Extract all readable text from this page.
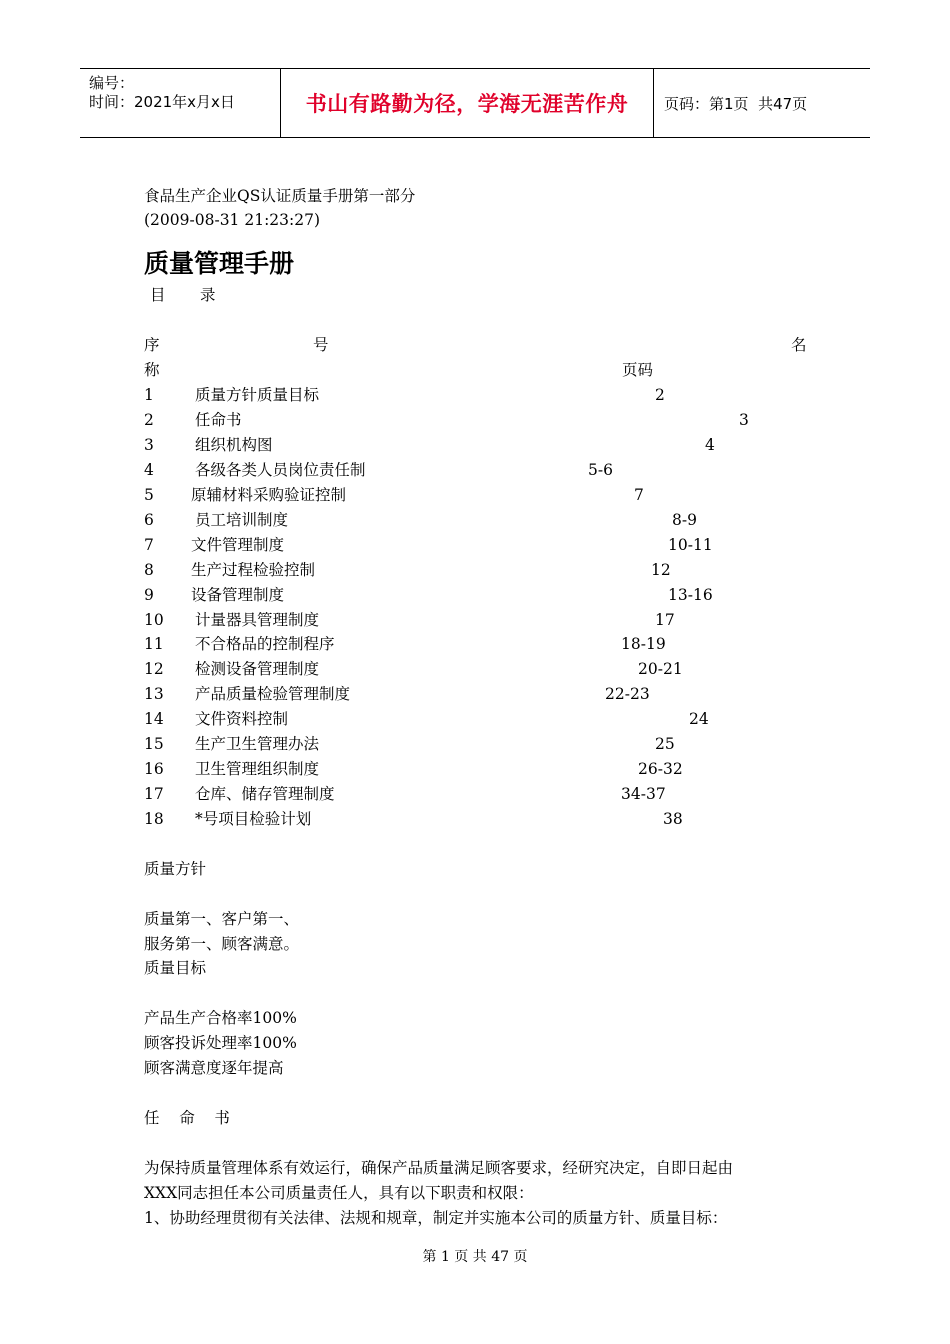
编号：
时间：2021年x月x日	书山有路勤为径，学海无涯苦作舟	页码：第1页  共47页
食品生产企业QS认证质量手册第一部分
(2009-08-31 21:23:27)
质量管理手册
目       录
序	号	名
称	页码
1	质量方针质量目标	2
2	任命书	3
3	组织机构图	4
4	各级各类人员岗位责任制	5-6
5 原辅材料采购验证控制	7
6	员工培训制度	8-9
7 文件管理制度	10-11
8 生产过程检验控制	12
9 设备管理制度	13-16
10 计量器具管理制度	17
11 不合格品的控制程序	18-19
12 检测设备管理制度	20-21
13 产品质量检验管理制度	22-23
14 文件资料控制	24
15 生产卫生管理办法	25
16 卫生管理组织制度	26-32
17 仓库、储存管理制度	34-37
18 *号项目检验计划	38
质量方针
质量第一、客户第一、
服务第一、顾客满意。
质量目标
产品生产合格率100%
顾客投诉处理率100%
顾客满意度逐年提高
任    命    书
为保持质量管理体系有效运行，确保产品质量满足顾客要求，经研究决定，自即日起由
XXX同志担任本公司质量责任人，具有以下职责和权限：
1、协助经理贯彻有关法律、法规和规章，制定并实施本公司的质量方针、质量目标：
第 1 页 共 47 页
